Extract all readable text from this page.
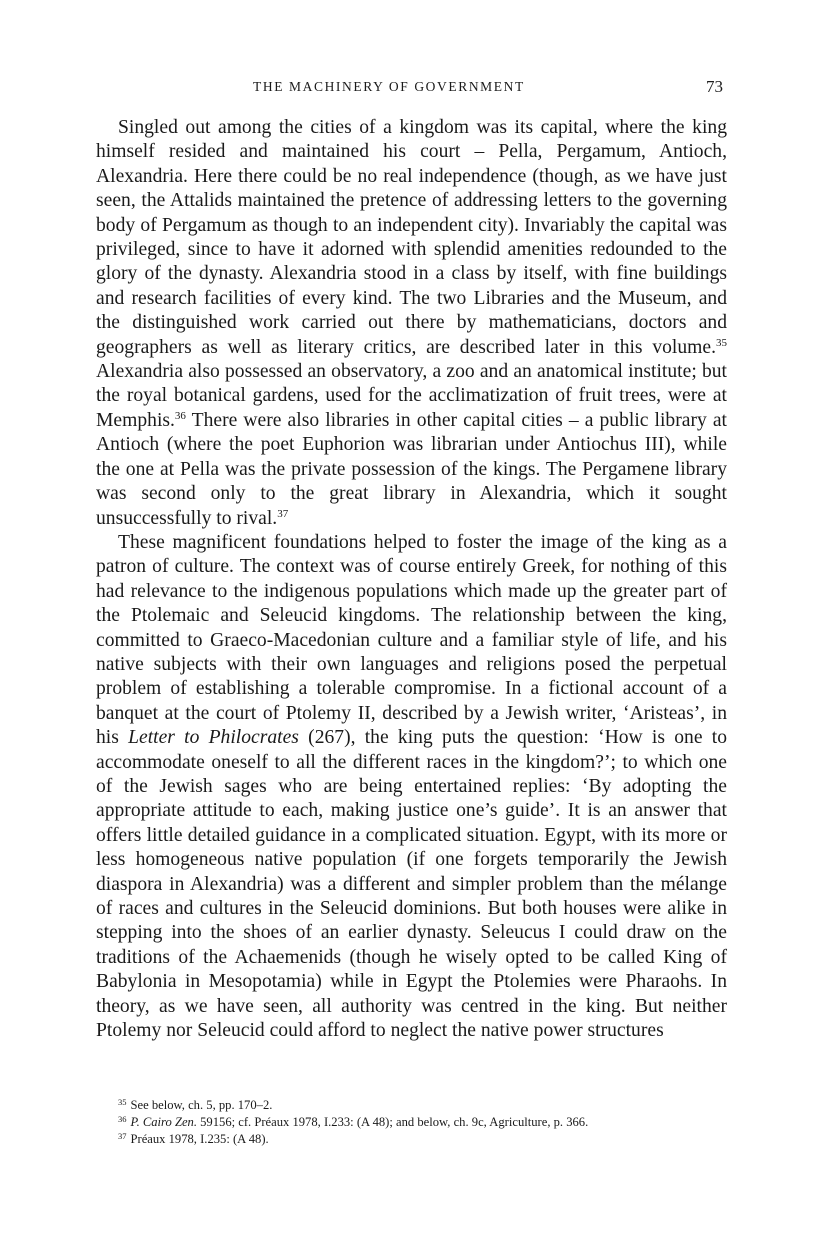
THE MACHINERY OF GOVERNMENT	73

Singled out among the cities of a kingdom was its capital, where the king himself resided and maintained his court – Pella, Pergamum, Antioch, Alexandria. Here there could be no real independence (though, as we have just seen, the Attalids maintained the pretence of addressing letters to the governing body of Pergamum as though to an independent city). Invariably the capital was privileged, since to have it adorned with splendid amenities redounded to the glory of the dynasty. Alexandria stood in a class by itself, with fine buildings and research facilities of every kind. The two Libraries and the Museum, and the distinguished work carried out there by mathematicians, doctors and geographers as well as literary critics, are described later in this volume.$^{35}$ Alexandria also possessed an observatory, a zoo and an anatomical institute; but the royal botanical gardens, used for the acclimatization of fruit trees, were at Memphis.$^{36}$ There were also libraries in other capital cities – a public library at Antioch (where the poet Euphorion was librarian under Antiochus III), while the one at Pella was the private possession of the kings. The Pergamene library was second only to the great library in Alexandria, which it sought unsuccessfully to rival.$^{37}$

These magnificent foundations helped to foster the image of the king as a patron of culture. The context was of course entirely Greek, for nothing of this had relevance to the indigenous populations which made up the greater part of the Ptolemaic and Seleucid kingdoms. The relationship between the king, committed to Graeco-Macedonian culture and a familiar style of life, and his native subjects with their own languages and religions posed the perpetual problem of establishing a tolerable compromise. In a fictional account of a banquet at the court of Ptolemy II, described by a Jewish writer, ‘Aristeas’, in his Letter to Philocrates (267), the king puts the question: ‘How is one to accommodate oneself to all the different races in the kingdom?’; to which one of the Jewish sages who are being entertained replies: ‘By adopting the appropriate attitude to each, making justice one’s guide’. It is an answer that offers little detailed guidance in a complicated situation. Egypt, with its more or less homogeneous native population (if one forgets temporarily the Jewish diaspora in Alexandria) was a different and simpler problem than the mélange of races and cultures in the Seleucid dominions. But both houses were alike in stepping into the shoes of an earlier dynasty. Seleucus I could draw on the traditions of the Achaemenids (though he wisely opted to be called King of Babylonia in Mesopotamia) while in Egypt the Ptolemies were Pharaohs. In theory, as we have seen, all authority was centred in the king. But neither Ptolemy nor Seleucid could afford to neglect the native power structures

$^{35}$ See below, ch. 5, pp. 170–2.

$^{36}$ P. Cairo Zen. 59156; cf. Préaux 1978, I.233: (A 48); and below, ch. 9c, Agriculture, p. 366.

$^{37}$ Préaux 1978, I.235: (A 48).
